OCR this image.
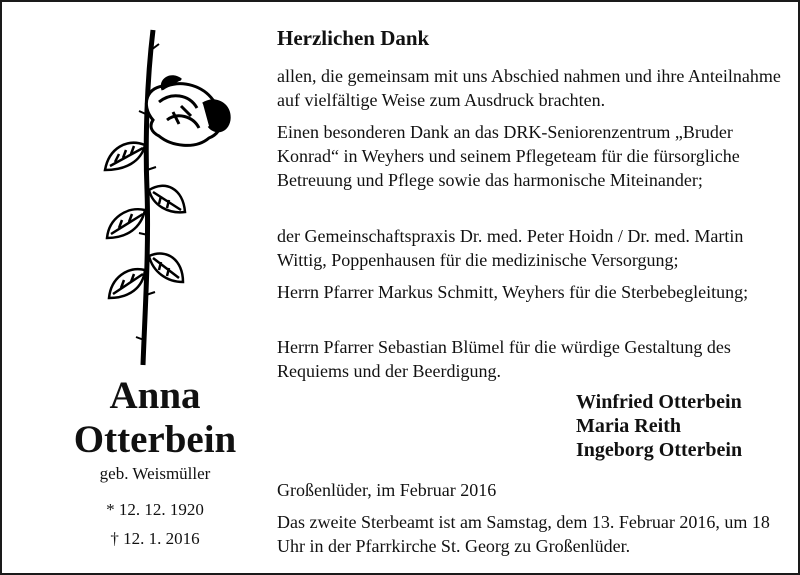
Anna
Otterbein
geb. Weismüller
* 12. 12. 1920
† 12. 1. 2016
Herzlichen Dank
allen, die gemeinsam mit uns Abschied nahmen und ihre Anteilnahme auf vielfältige Weise zum Ausdruck brachten.
Einen besonderen Dank an das DRK-Seniorenzentrum „Bruder Konrad“ in Weyhers und seinem Pflegeteam für die fürsorgliche Betreuung und Pflege sowie das harmonische Miteinander;
der Gemeinschaftspraxis Dr. med. Peter Hoidn / Dr. med. Martin Wittig, Poppenhausen für die medizinische Versorgung;
Herrn Pfarrer Markus Schmitt, Weyhers für die Sterbebegleitung;
Herrn Pfarrer Sebastian Blümel für die würdige Gestaltung des Requiems und der Beerdigung.
Winfried Otterbein
Maria Reith
Ingeborg Otterbein
Großenlüder, im Februar 2016
Das zweite Sterbeamt ist am Samstag, dem 13. Februar 2016, um 18 Uhr in der Pfarrkirche St. Georg zu Großenlüder.
